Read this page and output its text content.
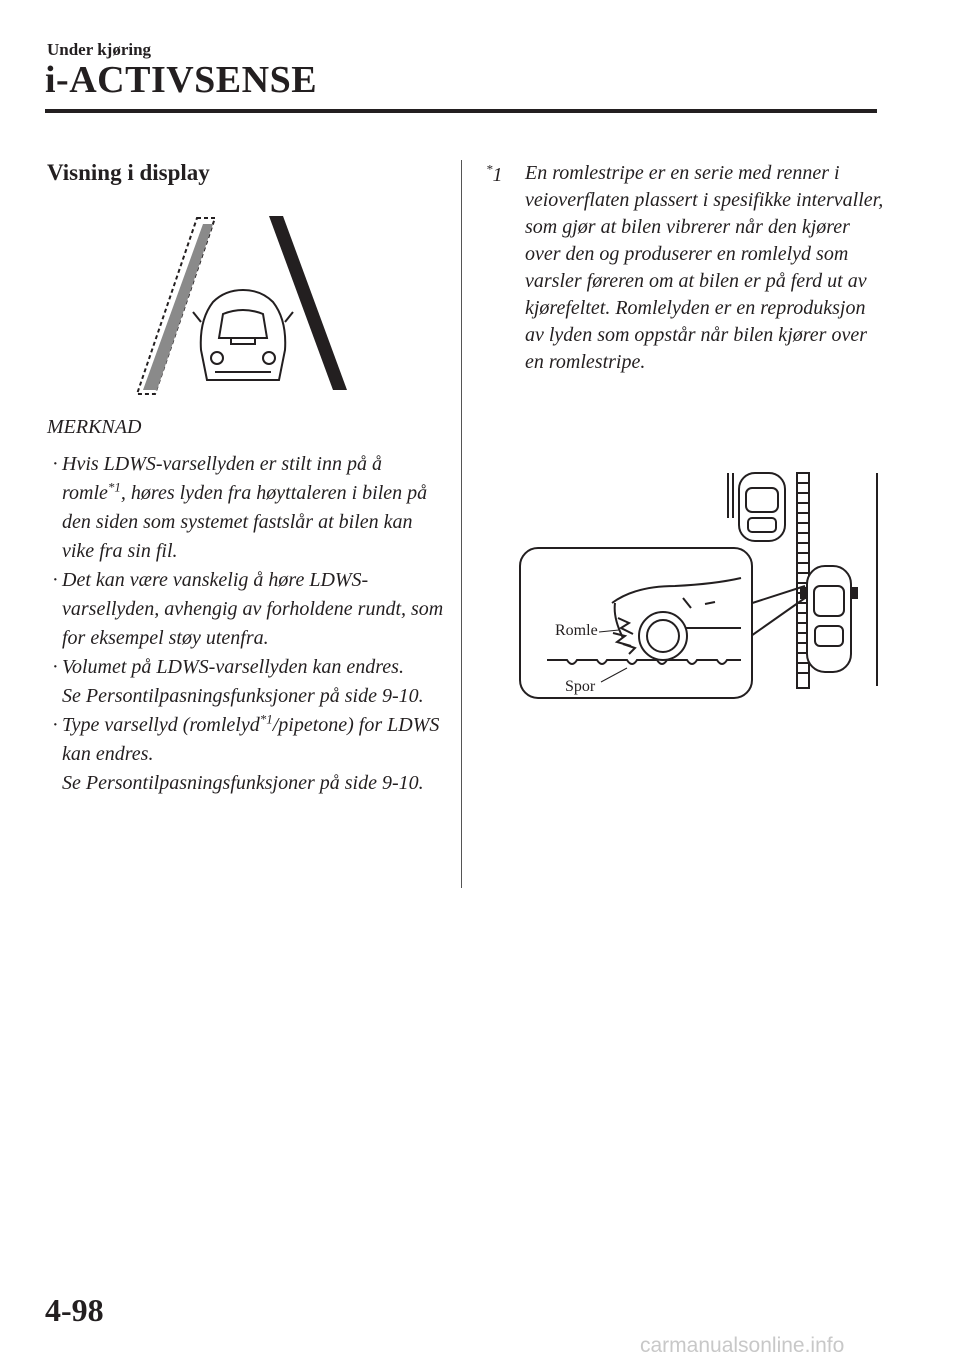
Under kjøring
i-ACTIVSENSE
Visning i display
MERKNAD

· Hvis LDWS-varsellyden er stilt inn på å romle$^{*1}$, høres lyden fra høyttaleren i bilen på den siden som systemet fastslår at bilen kan vike fra sin fil.

· Det kan være vanskelig å høre LDWS-varsellyden, avhengig av forholdene rundt, som for eksempel støy utenfra.

· Volumet på LDWS-varsellyden kan endres.
Se Persontilpasningsfunksjoner på side 9-10.

· Type varsellyd (romlelyd$^{*1}$/pipetone) for LDWS kan endres.
Se Persontilpasningsfunksjoner på side 9-10.

*1 En romlestripe er en serie med renner i veioverflaten plassert i spesifikke intervaller, som gjør at bilen vibrerer når den kjører over den og produserer en romlelyd som varsler føreren om at bilen er på ferd ut av kjørefeltet. Romlelyden er en reproduksjon av lyden som oppstår når bilen kjører over en romlestripe.
Romle
Spor
4-98
carmanualsonline.info
